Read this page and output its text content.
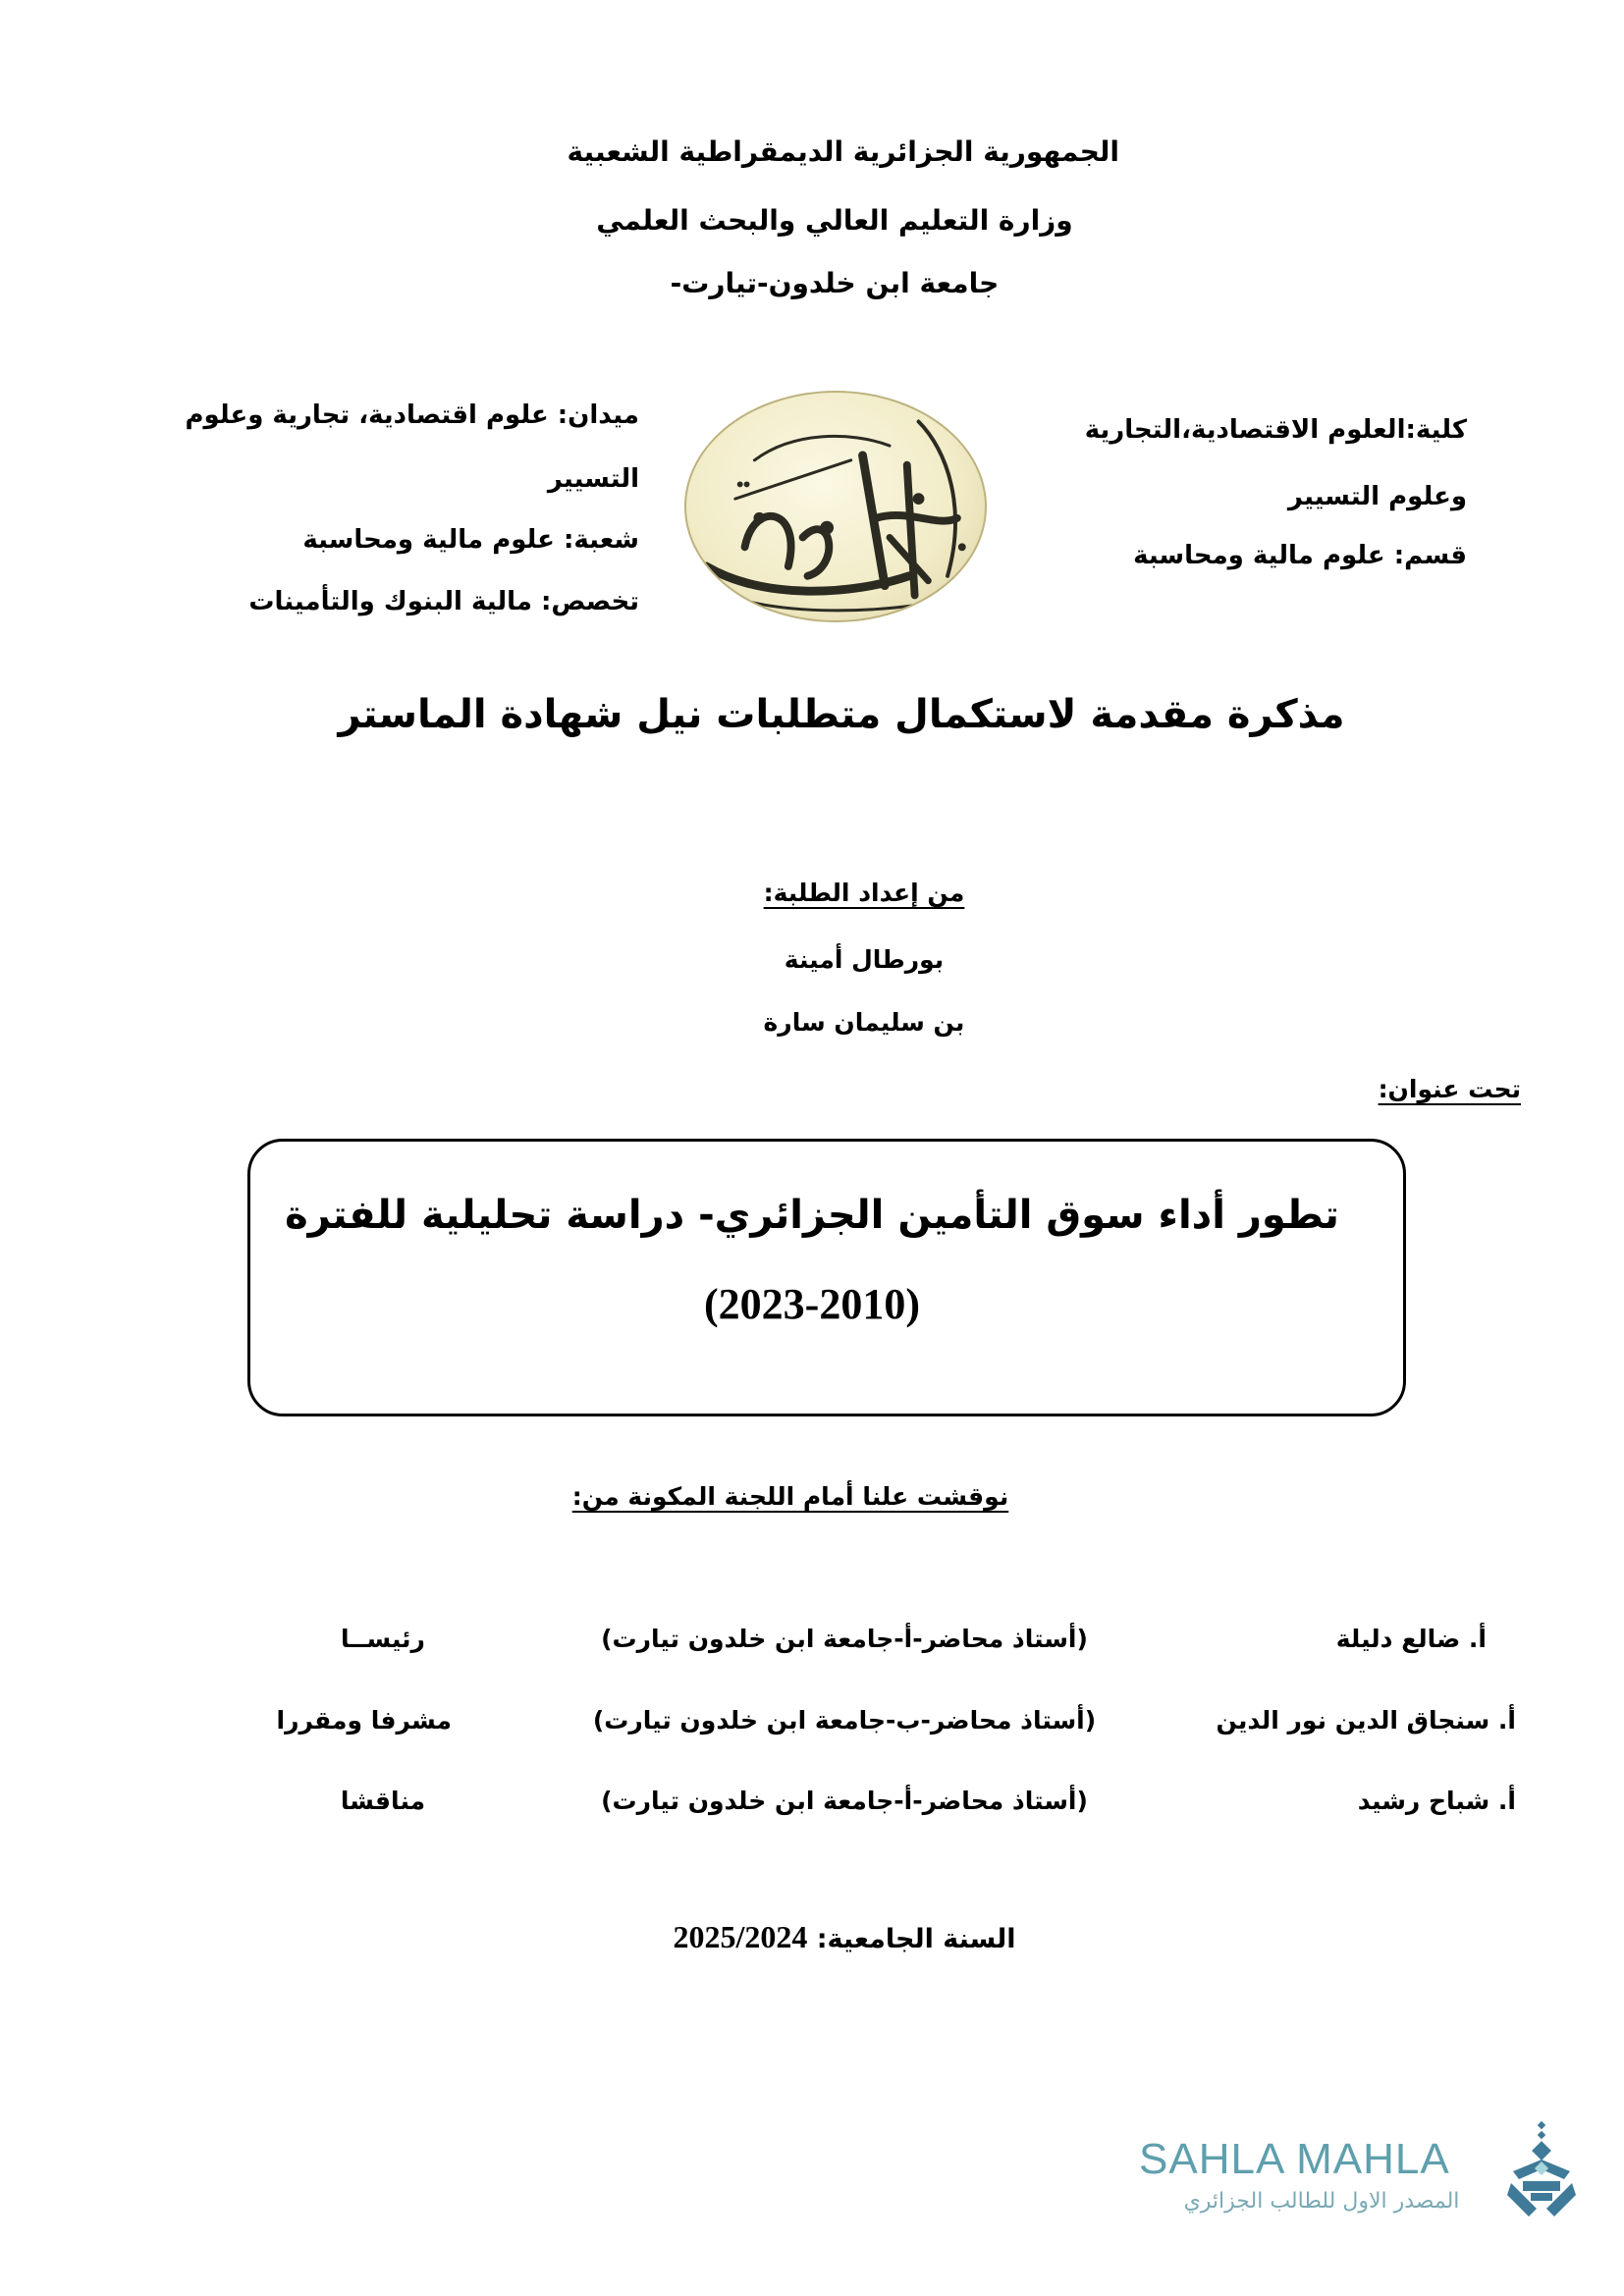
الجمهورية الجزائرية الديمقراطية الشعبية
وزارة التعليم العالي والبحث العلمي
جامعة ابن خلدون-تيارت-
كلية:العلوم الاقتصادية،التجارية
وعلوم التسيير
قسم: علوم مالية ومحاسبة
ميدان: علوم اقتصادية، تجارية وعلوم
التسيير
شعبة: علوم مالية ومحاسبة
تخصص: مالية البنوك والتأمينات
مذكرة مقدمة لاستكمال متطلبات نيل شهادة الماستر
من إعداد الطلبة:
بورطال أمينة
بن سليمان سارة
تحت عنوان:
تطور أداء سوق التأمين الجزائري- دراسة تحليلية للفترة
(2023-2010)
نوقشت علنا أمام اللجنة المكونة من:
أ. ضالع دليلة
(أستاذ محاضر-أ-جامعة ابن خلدون تيارت)
رئيســا
أ. سنجاق الدين نور الدين
(أستاذ محاضر-ب-جامعة ابن خلدون تيارت)
مشرفا ومقررا
أ. شباح رشيد
(أستاذ محاضر-أ-جامعة ابن خلدون تيارت)
مناقشا
السنة الجامعية: 2025/2024
SAHLA MAHLA
المصدر الاول للطالب الجزائري
